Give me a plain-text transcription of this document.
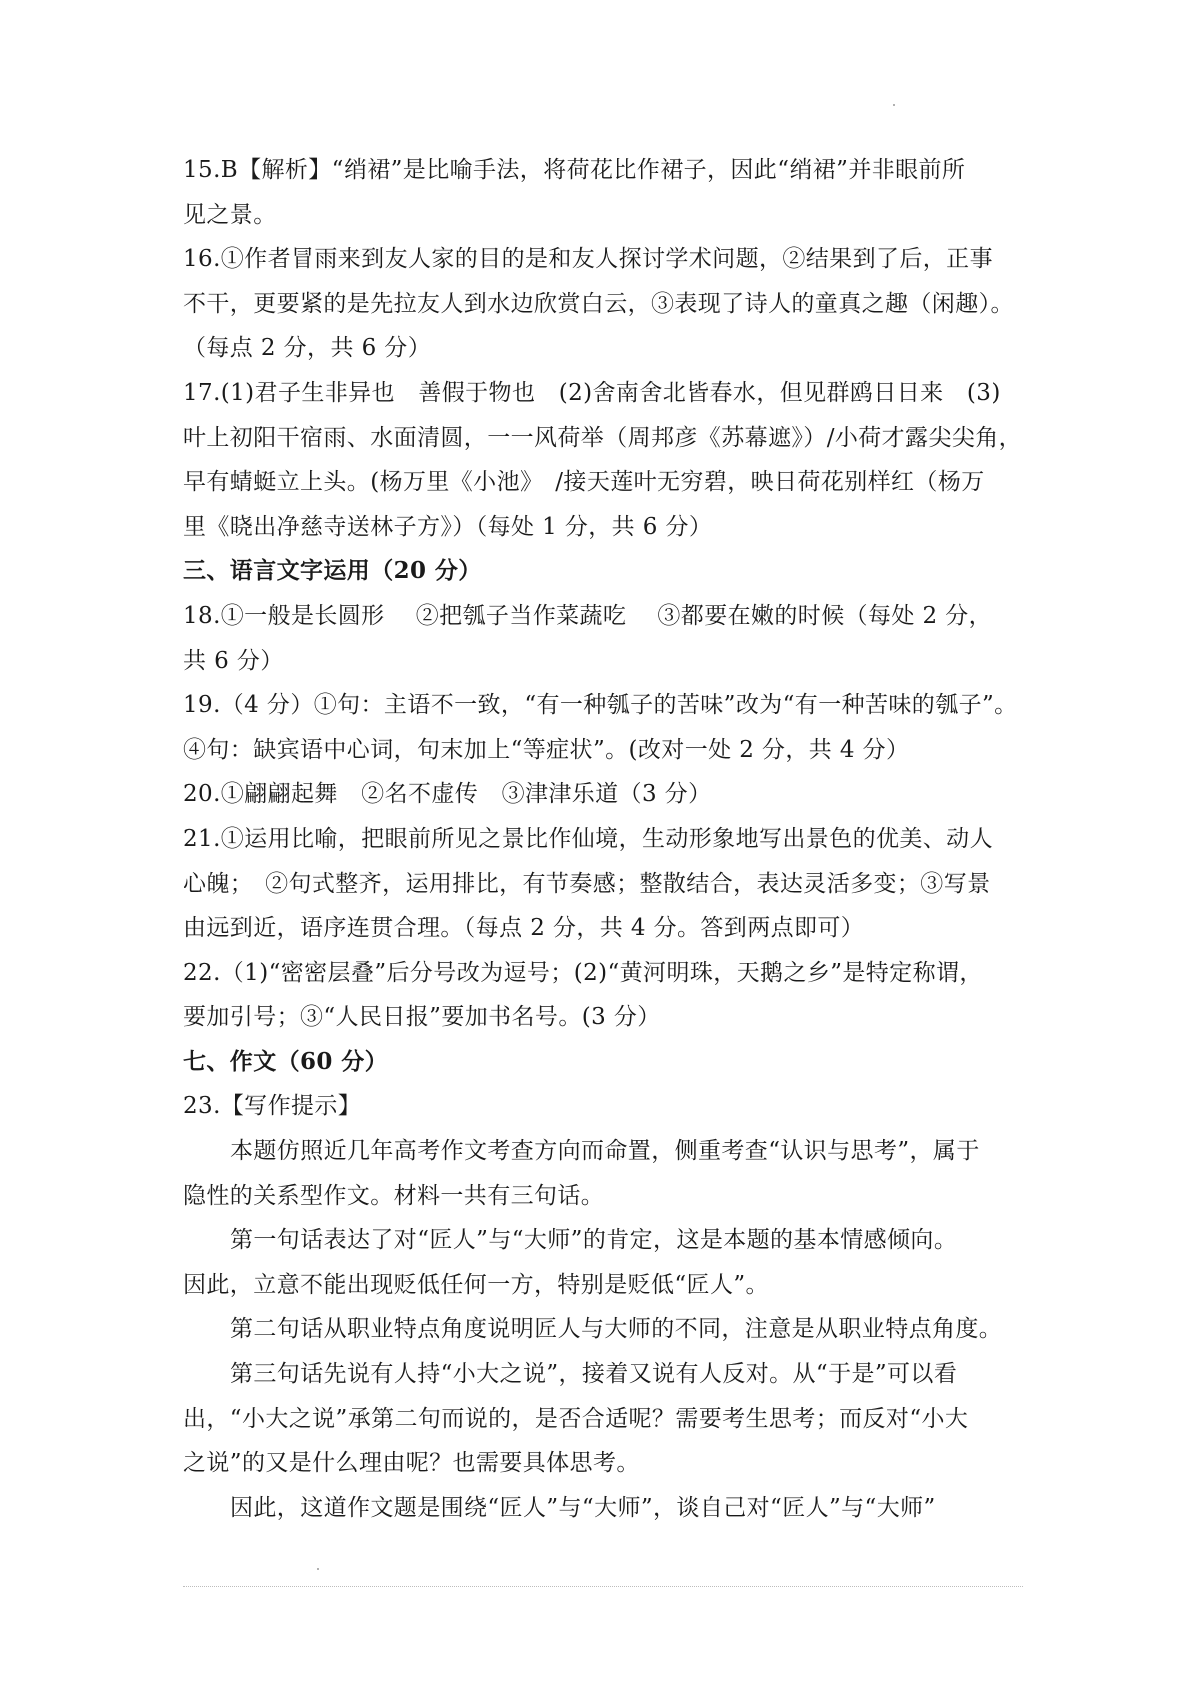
15.B【解析】“绡裙”是比喻手法，将荷花比作裙子，因此“绡裙”并非眼前所
见之景。
16.①作者冒雨来到友人家的目的是和友人探讨学术问题，②结果到了后，正事
不干，更要紧的是先拉友人到水边欣赏白云，③表现了诗人的童真之趣（闲趣）。
（每点 2 分，共 6 分）
17.(1)君子生非异也　善假于物也　(2)舍南舍北皆春水，但见群鸥日日来　(3)
叶上初阳干宿雨、水面清圆，一一风荷举（周邦彦《苏幕遮》）/小荷才露尖尖角，
早有蜻蜓立上头。(杨万里《小池》　/接天莲叶无穷碧，映日荷花别样红（杨万
里《晓出净慈寺送林子方》）（每处 1 分，共 6 分）
三、语言文字运用（20 分）
18.①一般是长圆形　 ②把瓠子当作菜蔬吃　 ③都要在嫩的时候（每处 2 分，
共 6 分）
19.（4 分）①句：主语不一致，“有一种瓠子的苦味”改为“有一种苦味的瓠子”。
④句：缺宾语中心词，句末加上“等症状”。(改对一处 2 分，共 4 分）
20.①翩翩起舞　②名不虚传　③津津乐道（3 分）
21.①运用比喻，把眼前所见之景比作仙境，生动形象地写出景色的优美、动人
心魄；　②句式整齐，运用排比，有节奏感；整散结合，表达灵活多变；③写景
由远到近，语序连贯合理。（每点 2 分，共 4 分。答到两点即可）
22.（1)“密密层叠”后分号改为逗号；(2)“黄河明珠，天鹅之乡”是特定称谓，
要加引号；③“人民日报”要加书名号。(3 分）
七、作文（60 分）
23.【写作提示】
本题仿照近几年高考作文考查方向而命置，侧重考查“认识与思考”，属于
隐性的关系型作文。材料一共有三句话。
第一句话表达了对“匠人”与“大师”的肯定，这是本题的基本情感倾向。
因此，立意不能出现贬低任何一方，特别是贬低“匠人”。
第二句话从职业特点角度说明匠人与大师的不同，注意是从职业特点角度。
第三句话先说有人持“小大之说”，接着又说有人反对。从“于是”可以看
出，“小大之说”承第二句而说的，是否合适呢？需要考生思考；而反对“小大
之说”的又是什么理由呢？也需要具体思考。
因此，这道作文题是围绕“匠人”与“大师”，谈自己对“匠人”与“大师”
